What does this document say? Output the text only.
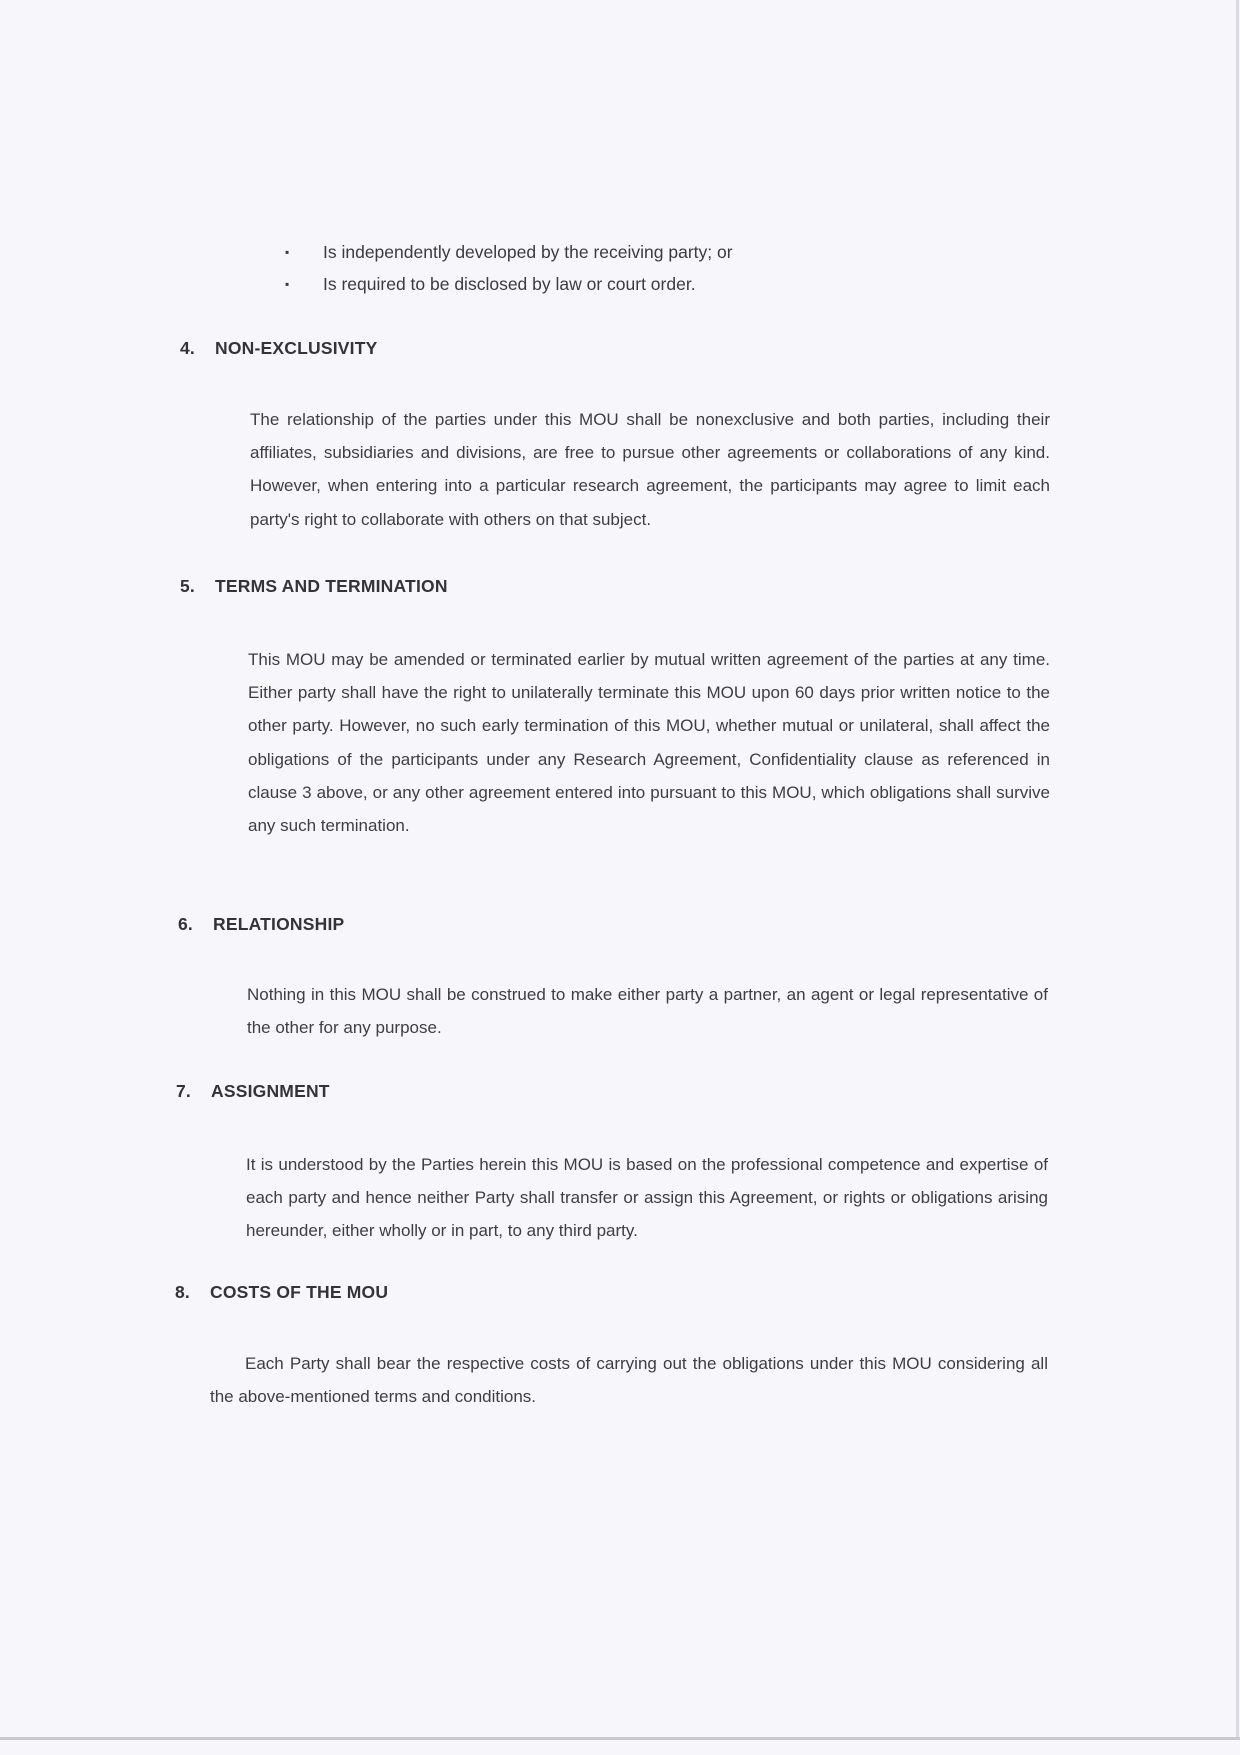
▪ Is independently developed by the receiving party; or
▪ Is required to be disclosed by law or court order.
4. NON-EXCLUSIVITY
The relationship of the parties under this MOU shall be nonexclusive and both parties, including their affiliates, subsidiaries and divisions, are free to pursue other agreements or collaborations of any kind. However, when entering into a particular research agreement, the participants may agree to limit each party's right to collaborate with others on that subject.
5. TERMS AND TERMINATION
This MOU may be amended or terminated earlier by mutual written agreement of the parties at any time. Either party shall have the right to unilaterally terminate this MOU upon 60 days prior written notice to the other party. However, no such early termination of this MOU, whether mutual or unilateral, shall affect the obligations of the participants under any Research Agreement, Confidentiality clause as referenced in clause 3 above, or any other agreement entered into pursuant to this MOU, which obligations shall survive any such termination.
6. RELATIONSHIP
Nothing in this MOU shall be construed to make either party a partner, an agent or legal representative of the other for any purpose.
7. ASSIGNMENT
It is understood by the Parties herein this MOU is based on the professional competence and expertise of each party and hence neither Party shall transfer or assign this Agreement, or rights or obligations arising hereunder, either wholly or in part, to any third party.
8. COSTS OF THE MOU
Each Party shall bear the respective costs of carrying out the obligations under this MOU considering all the above-mentioned terms and conditions.
